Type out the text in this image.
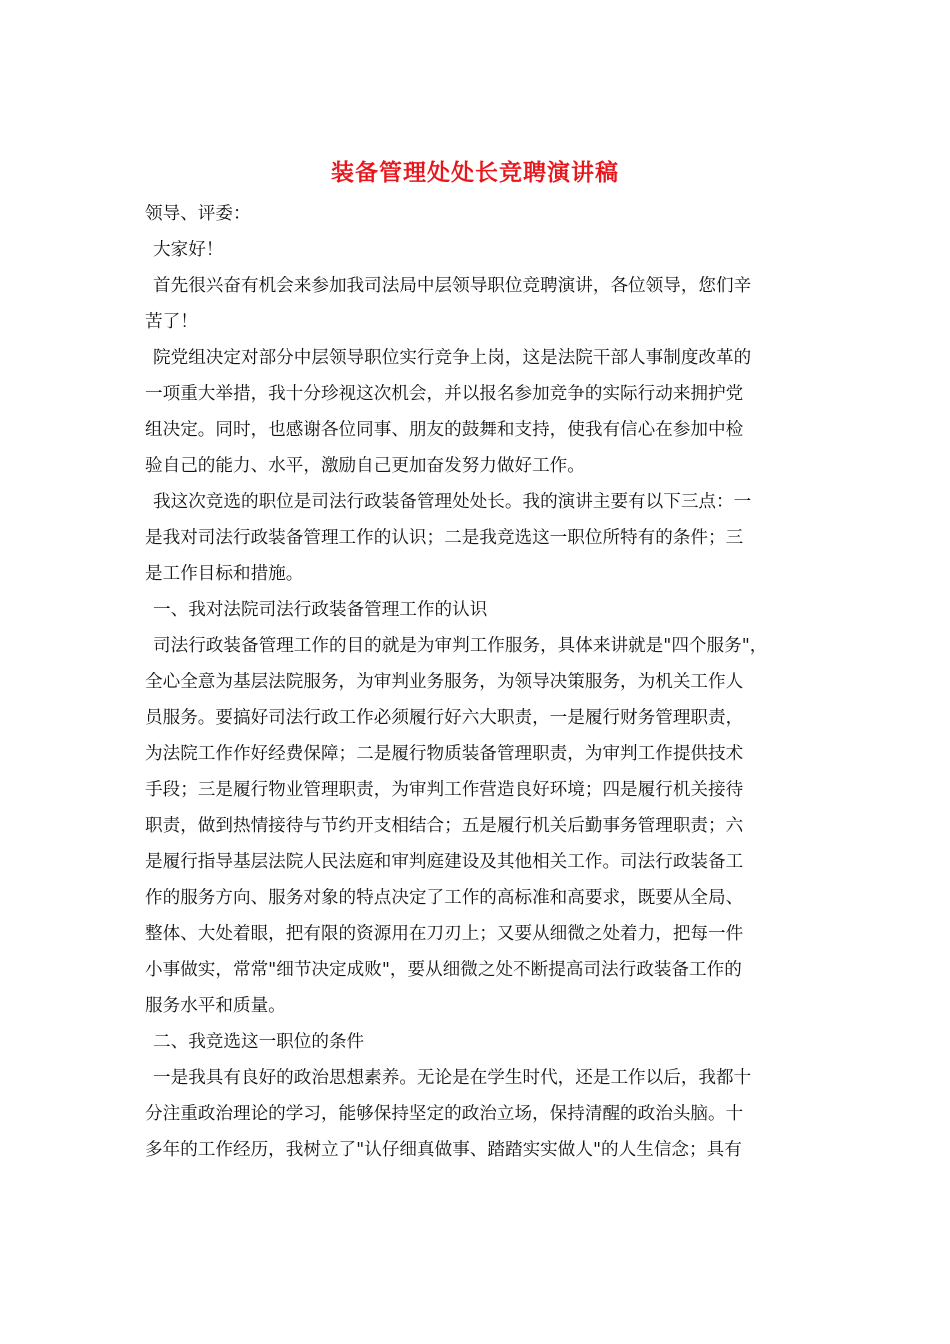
装备管理处处长竞聘演讲稿
领导、评委：
大家好！
首先很兴奋有机会来参加我司法局中层领导职位竞聘演讲，各位领导，您们辛
苦了！
院党组决定对部分中层领导职位实行竞争上岗，这是法院干部人事制度改革的
一项重大举措，我十分珍视这次机会，并以报名参加竞争的实际行动来拥护党
组决定。同时，也感谢各位同事、朋友的鼓舞和支持，使我有信心在参加中检
验自己的能力、水平，激励自己更加奋发努力做好工作。
我这次竞选的职位是司法行政装备管理处处长。我的演讲主要有以下三点：一
是我对司法行政装备管理工作的认识；二是我竞选这一职位所特有的条件；三
是工作目标和措施。
一、我对法院司法行政装备管理工作的认识
司法行政装备管理工作的目的就是为审判工作服务，具体来讲就是"四个服务"，
全心全意为基层法院服务，为审判业务服务，为领导决策服务，为机关工作人
员服务。要搞好司法行政工作必须履行好六大职责，一是履行财务管理职责，
为法院工作作好经费保障；二是履行物质装备管理职责，为审判工作提供技术
手段；三是履行物业管理职责，为审判工作营造良好环境；四是履行机关接待
职责，做到热情接待与节约开支相结合；五是履行机关后勤事务管理职责；六
是履行指导基层法院人民法庭和审判庭建设及其他相关工作。司法行政装备工
作的服务方向、服务对象的特点决定了工作的高标准和高要求，既要从全局、
整体、大处着眼，把有限的资源用在刀刃上；又要从细微之处着力，把每一件
小事做实，常常"细节决定成败"，要从细微之处不断提高司法行政装备工作的
服务水平和质量。
二、我竞选这一职位的条件
一是我具有良好的政治思想素养。无论是在学生时代，还是工作以后，我都十
分注重政治理论的学习，能够保持坚定的政治立场，保持清醒的政治头脑。十
多年的工作经历，我树立了"认仔细真做事、踏踏实实做人"的人生信念；具有
